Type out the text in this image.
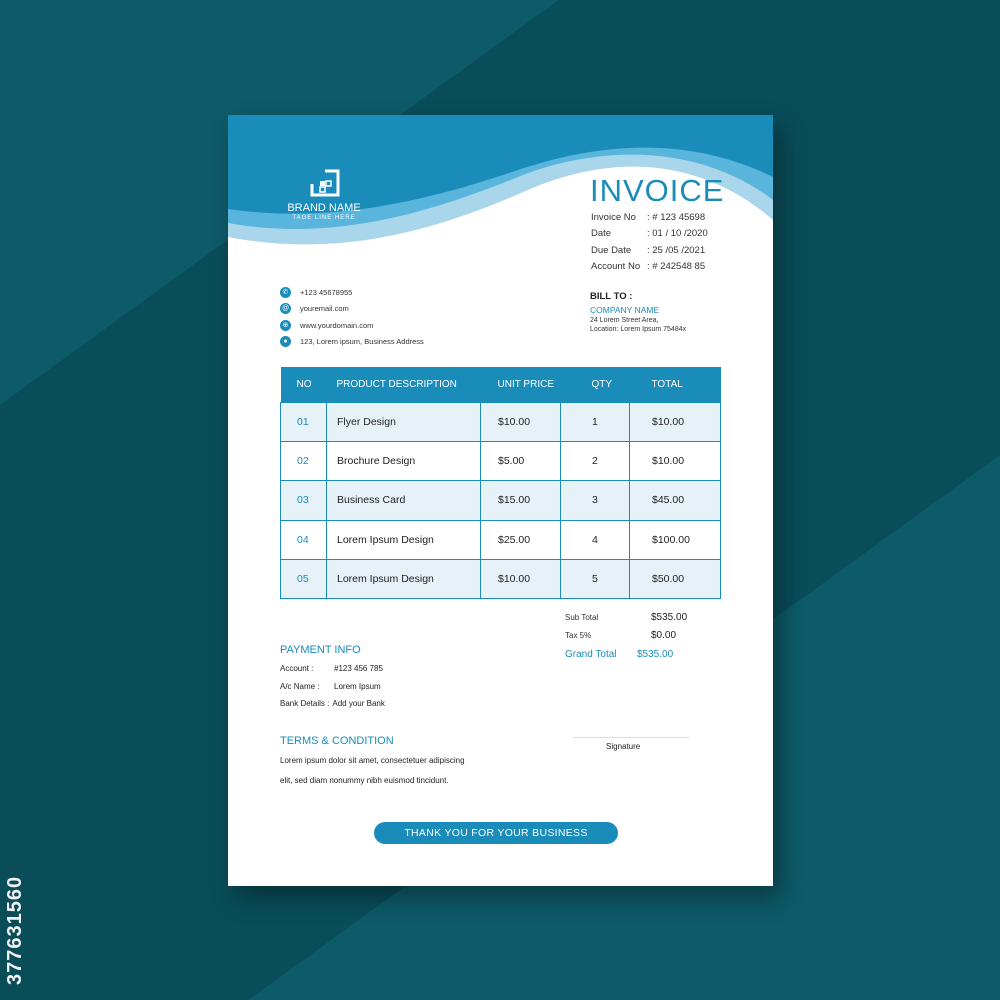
BRAND NAME
TAGE LINE HERE
INVOICE
Invoice No	: # 123 45698
Date	: 01 / 10 /2020
Due Date	: 25 /05 /2021
Account No : # 242548 85
✆	+123 45678955
@ youremail.com
⊕	www.yourdomain.com
●	123, Lorem ipsum, Business Address
BILL TO :
COMPANY NAME
24 Lorem Street Area,
Location: Lorem Ipsum 75484x
NO	PRODUCT DESCRIPTION	UNIT PRICE	QTY	TOTAL
01	Flyer Design	$10.00	1	$10.00
02	Brochure Design	$5.00	2	$10.00
03	Business Card	$15.00	3	$45.00
04	Lorem Ipsum Design	$25.00	4	$100.00
05	Lorem Ipsum Design	$10.00	5	$50.00
Sub Total	$535.00
Tax 5%	$0.00
Grand Total	$535.00
PAYMENT INFO
Account :	#123 456 785
A/c Name :	Lorem Ipsum
Bank Details : Add your Bank
TERMS & CONDITION
Lorem ipsum dolor sit amet, consectetuer adipiscing
elit, sed diam nonummy nibh euismod tincidunt.
Signature
THANK YOU FOR YOUR BUSINESS
377631560
